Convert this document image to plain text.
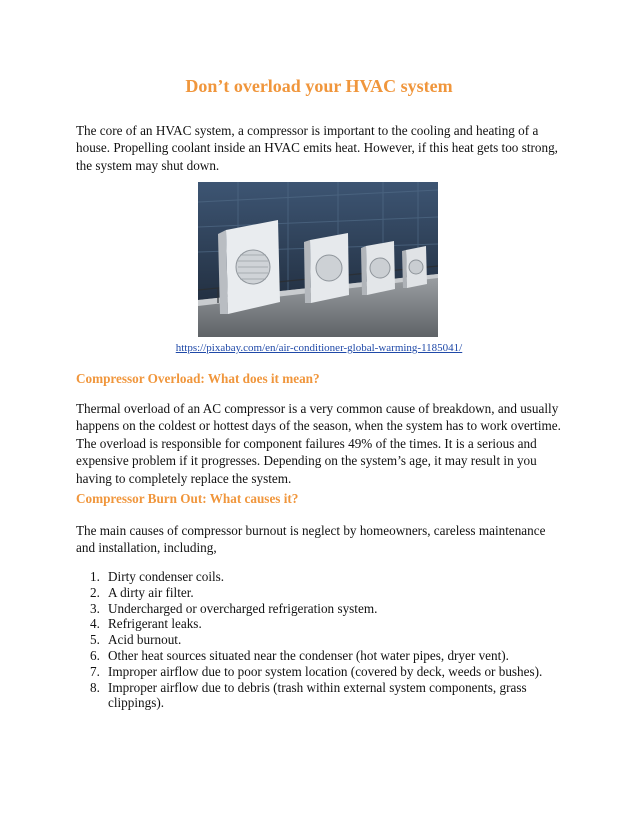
Don’t overload your HVAC system

The core of an HVAC system, a compressor is important to the cooling and heating of a house. Propelling coolant inside an HVAC emits heat. However, if this heat gets too strong, the system may shut down.

https://pixabay.com/en/air-conditioner-global-warming-1185041/
Compressor Overload: What does it mean?

Thermal overload of an AC compressor is a very common cause of breakdown, and usually happens on the coldest or hottest days of the season, when the system has to work overtime. The overload is responsible for component failures 49% of the times. It is a serious and expensive problem if it progresses. Depending on the system’s age, it may result in you having to completely replace the system.

Compressor Burn Out: What causes it?

The main causes of compressor burnout is neglect by homeowners, careless maintenance and installation, including,

1. Dirty condenser coils.
2. A dirty air filter.
3. Undercharged or overcharged refrigeration system.
4. Refrigerant leaks.
5. Acid burnout.
6. Other heat sources situated near the condenser (hot water pipes, dryer vent).
7. Improper airflow due to poor system location (covered by deck, weeds or bushes).
8. Improper airflow due to debris (trash within external system components, grass clippings).
